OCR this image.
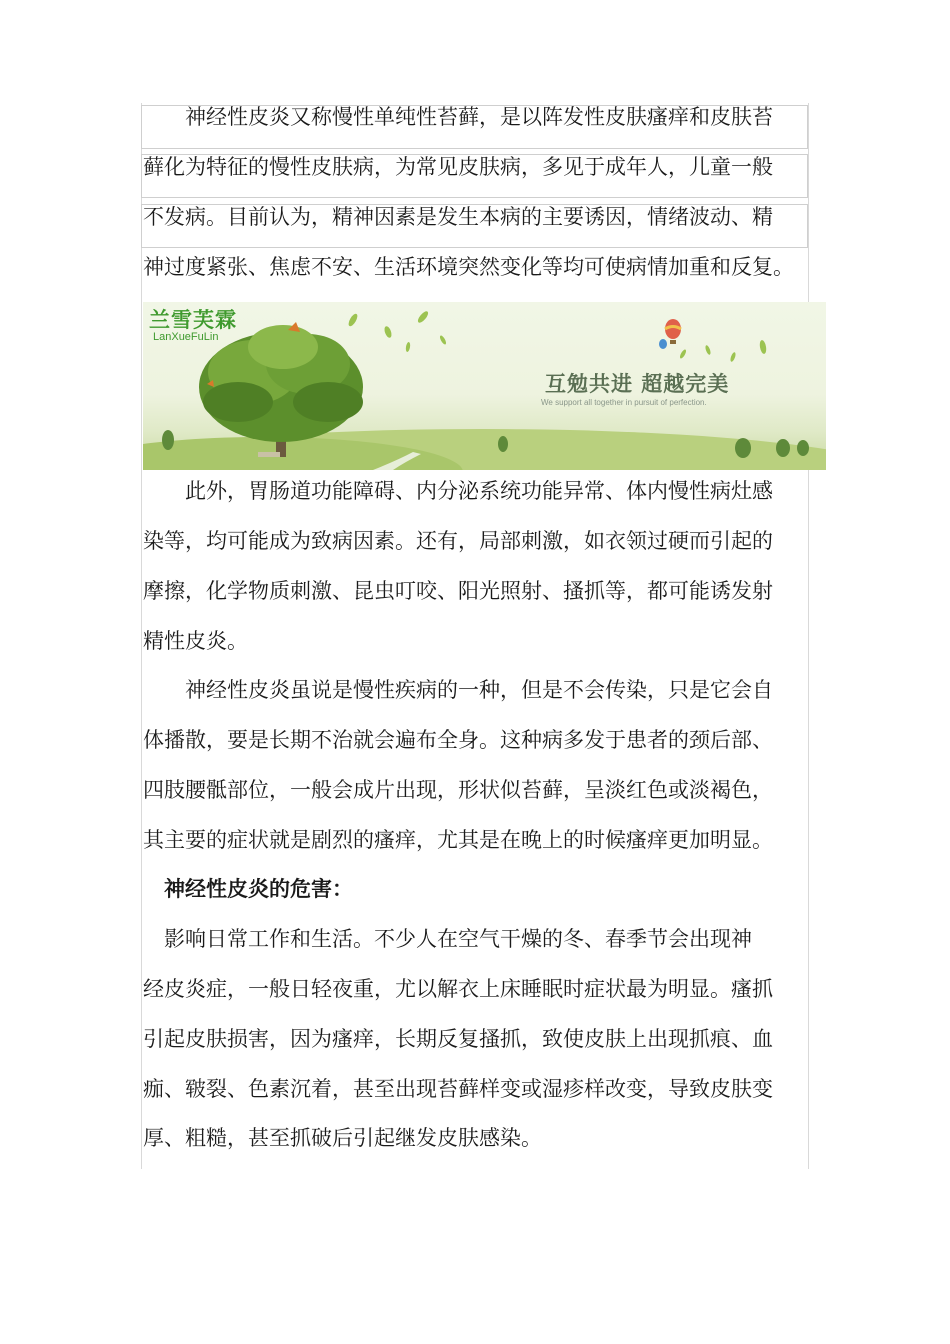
　　神经性皮炎又称慢性单纯性苔藓，是以阵发性皮肤瘙痒和皮肤苔
藓化为特征的慢性皮肤病，为常见皮肤病，多见于成年人，儿童一般
不发病。目前认为，精神因素是发生本病的主要诱因，情绪波动、精
神过度紧张、焦虑不安、生活环境突然变化等均可使病情加重和反复。
兰雪芙霖
LanXueFuLin
互勉共进 超越完美
We support all together in pursuit of perfection.
　　此外，胃肠道功能障碍、内分泌系统功能异常、体内慢性病灶感
染等，均可能成为致病因素。还有，局部刺激，如衣领过硬而引起的
摩擦，化学物质刺激、昆虫叮咬、阳光照射、搔抓等，都可能诱发射
精性皮炎。
　　神经性皮炎虽说是慢性疾病的一种，但是不会传染，只是它会自
体播散，要是长期不治就会遍布全身。这种病多发于患者的颈后部、
四肢腰骶部位，一般会成片出现，形状似苔藓，呈淡红色或淡褐色，
其主要的症状就是剧烈的瘙痒，尤其是在晚上的时候瘙痒更加明显。
　神经性皮炎的危害：
　影响日常工作和生活。不少人在空气干燥的冬、春季节会出现神
经皮炎症，一般日轻夜重，尤以解衣上床睡眠时症状最为明显。瘙抓
引起皮肤损害，因为瘙痒，长期反复搔抓，致使皮肤上出现抓痕、血
痂、皲裂、色素沉着，甚至出现苔藓样变或湿疹样改变，导致皮肤变
厚、粗糙，甚至抓破后引起继发皮肤感染。
